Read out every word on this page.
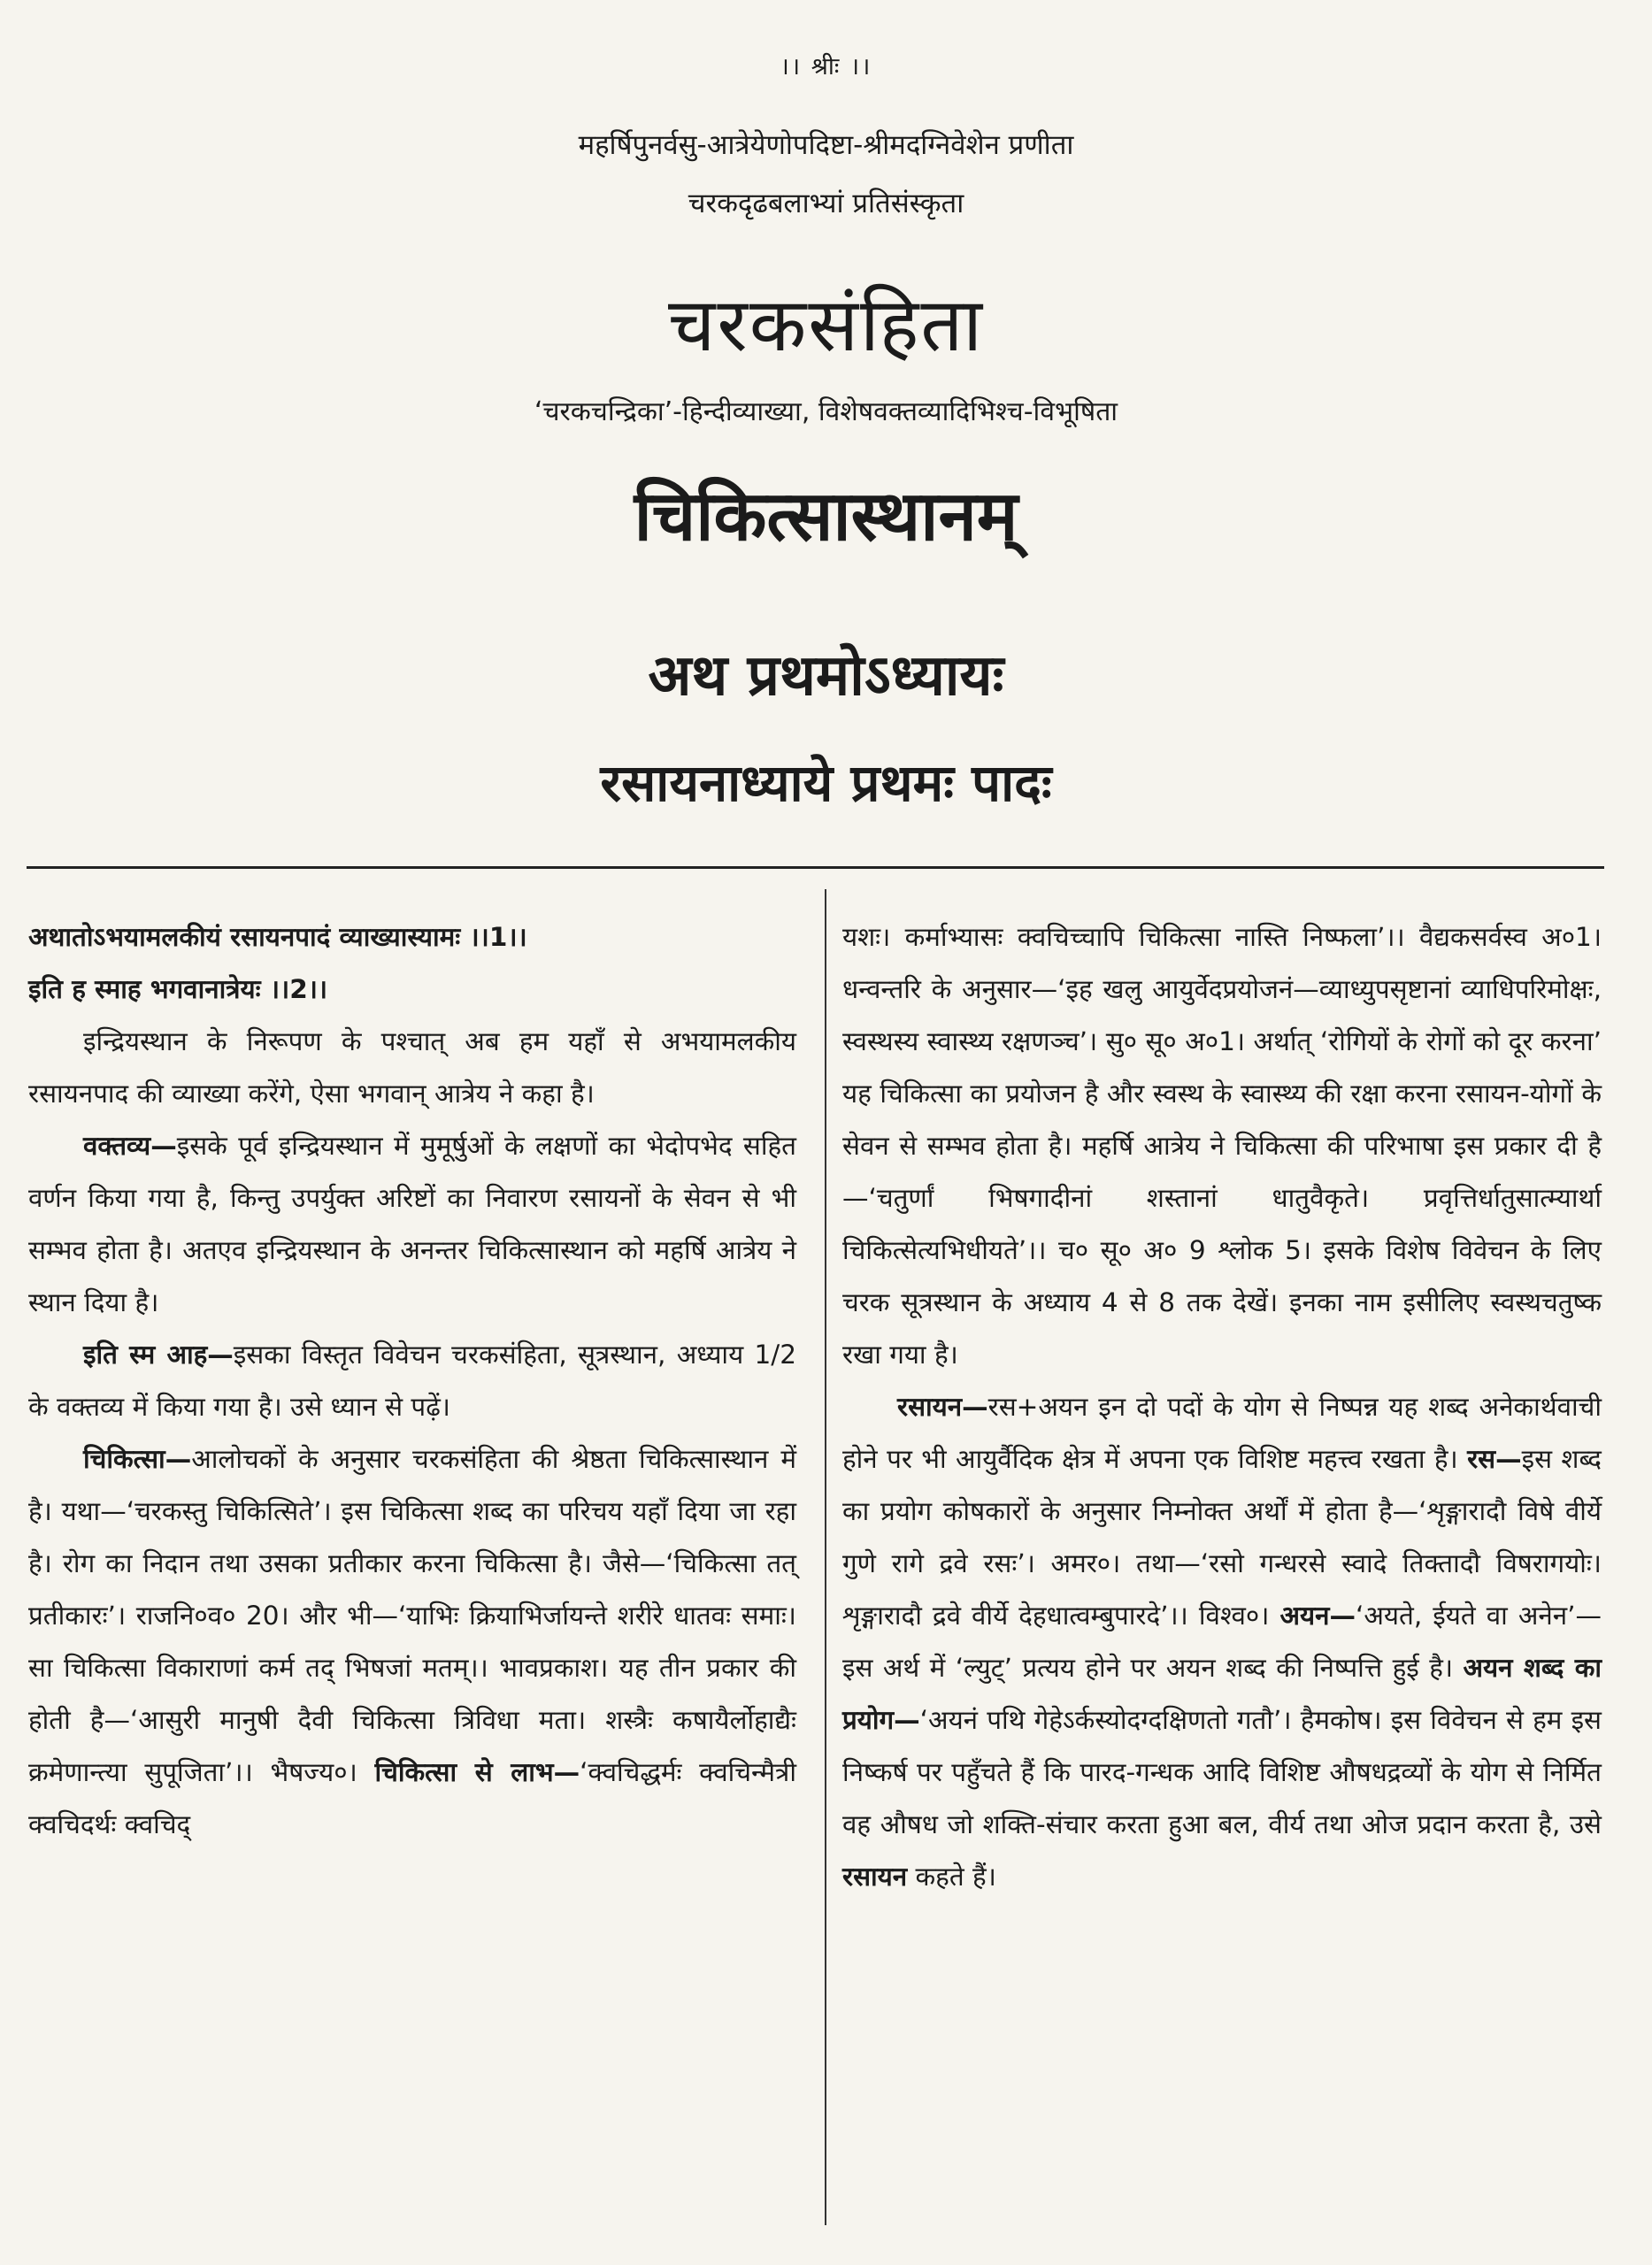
।। श्रीः ।।
महर्षिपुनर्वसु-आत्रेयेणोपदिष्टा-श्रीमदग्निवेशेन प्रणीता
चरकदृढबलाभ्यां प्रतिसंस्कृता
चरकसंहिता
‘चरकचन्द्रिका’-हिन्दीव्याख्या, विशेषवक्तव्यादिभिश्च-विभूषिता
चिकित्सास्थानम्
अथ प्रथमोऽध्यायः
रसायनाध्याये प्रथमः पादः

अथातोऽभयामलकीयं रसायनपादं व्याख्यास्यामः ।।1।।

इति ह स्माह भगवानात्रेयः ।।2।।

इन्द्रियस्थान के निरूपण के पश्चात् अब हम यहाँ से अभयामलकीय रसायनपाद की व्याख्या करेंगे, ऐसा भगवान् आत्रेय ने कहा है।

वक्तव्य—इसके पूर्व इन्द्रियस्थान में मुमूर्षुओं के लक्षणों का भेदोपभेद सहित वर्णन किया गया है, किन्तु उपर्युक्त अरिष्टों का निवारण रसायनों के सेवन से भी सम्भव होता है। अतएव इन्द्रियस्थान के अनन्तर चिकित्सास्थान को महर्षि आत्रेय ने स्थान दिया है।

इति स्म आह—इसका विस्तृत विवेचन चरकसंहिता, सूत्रस्थान, अध्याय 1/2 के वक्तव्य में किया गया है। उसे ध्यान से पढ़ें।

चिकित्सा—आलोचकों के अनुसार चरकसंहिता की श्रेष्ठता चिकित्सास्थान में है। यथा—‘चरकस्तु चिकित्सिते’। इस चिकित्सा शब्द का परिचय यहाँ दिया जा रहा है। रोग का निदान तथा उसका प्रतीकार करना चिकित्सा है। जैसे—‘चिकित्सा तत् प्रतीकारः’। राजनि०व० 20। और भी—‘याभिः क्रियाभिर्जायन्ते शरीरे धातवः समाः। सा चिकित्सा विकाराणां कर्म तद् भिषजां मतम्।। भावप्रकाश। यह तीन प्रकार की होती है—‘आसुरी मानुषी दैवी चिकित्सा त्रिविधा मता। शस्त्रैः कषायैर्लोहाद्यैः क्रमेणान्त्या सुपूजिता’।। भैषज्य०। चिकित्सा से लाभ—‘क्वचिद्धर्मः क्वचिन्मैत्री क्वचिदर्थः क्वचिद्

यशः। कर्माभ्यासः क्वचिच्चापि चिकित्सा नास्ति निष्फला’।। वैद्यकसर्वस्व अ०1। धन्वन्तरि के अनुसार—‘इह खलु आयुर्वेदप्रयोजनं—व्याध्युपसृष्टानां व्याधिपरिमोक्षः, स्वस्थस्य स्वास्थ्य रक्षणञ्च’। सु० सू० अ०1। अर्थात् ‘रोगियों के रोगों को दूर करना’ यह चिकित्सा का प्रयोजन है और स्वस्थ के स्वास्थ्य की रक्षा करना रसायन-योगों के सेवन से सम्भव होता है। महर्षि आत्रेय ने चिकित्सा की परिभाषा इस प्रकार दी है—‘चतुर्णां भिषगादीनां शस्तानां धातुवैकृते। प्रवृत्तिर्धातुसात्म्यार्था चिकित्सेत्यभिधीयते’।। च० सू० अ० 9 श्लोक 5। इसके विशेष विवेचन के लिए चरक सूत्रस्थान के अध्याय 4 से 8 तक देखें। इनका नाम इसीलिए स्वस्थचतुष्क रखा गया है।

रसायन—रस+अयन इन दो पदों के योग से निष्पन्न यह शब्द अनेकार्थवाची होने पर भी आयुर्वैदिक क्षेत्र में अपना एक विशिष्ट महत्त्व रखता है। रस—इस शब्द का प्रयोग कोषकारों के अनुसार निम्नोक्त अर्थों में होता है—‘शृङ्गारादौ विषे वीर्ये गुणे रागे द्रवे रसः’। अमर०। तथा—‘रसो गन्धरसे स्वादे तिक्तादौ विषरागयोः। शृङ्गारादौ द्रवे वीर्ये देहधात्वम्बुपारदे’।। विश्व०। अयन—‘अयते, ईयते वा अनेन’—इस अर्थ में ‘ल्युट्’ प्रत्यय होने पर अयन शब्द की निष्पत्ति हुई है। अयन शब्द का प्रयोग—‘अयनं पथि गेहेऽर्कस्योदग्दक्षिणतो गतौ’। हैमकोष। इस विवेचन से हम इस निष्कर्ष पर पहुँचते हैं कि पारद-गन्धक आदि विशिष्ट औषधद्रव्यों के योग से निर्मित वह औषध जो शक्ति-संचार करता हुआ बल, वीर्य तथा ओज प्रदान करता है, उसे रसायन कहते हैं।
